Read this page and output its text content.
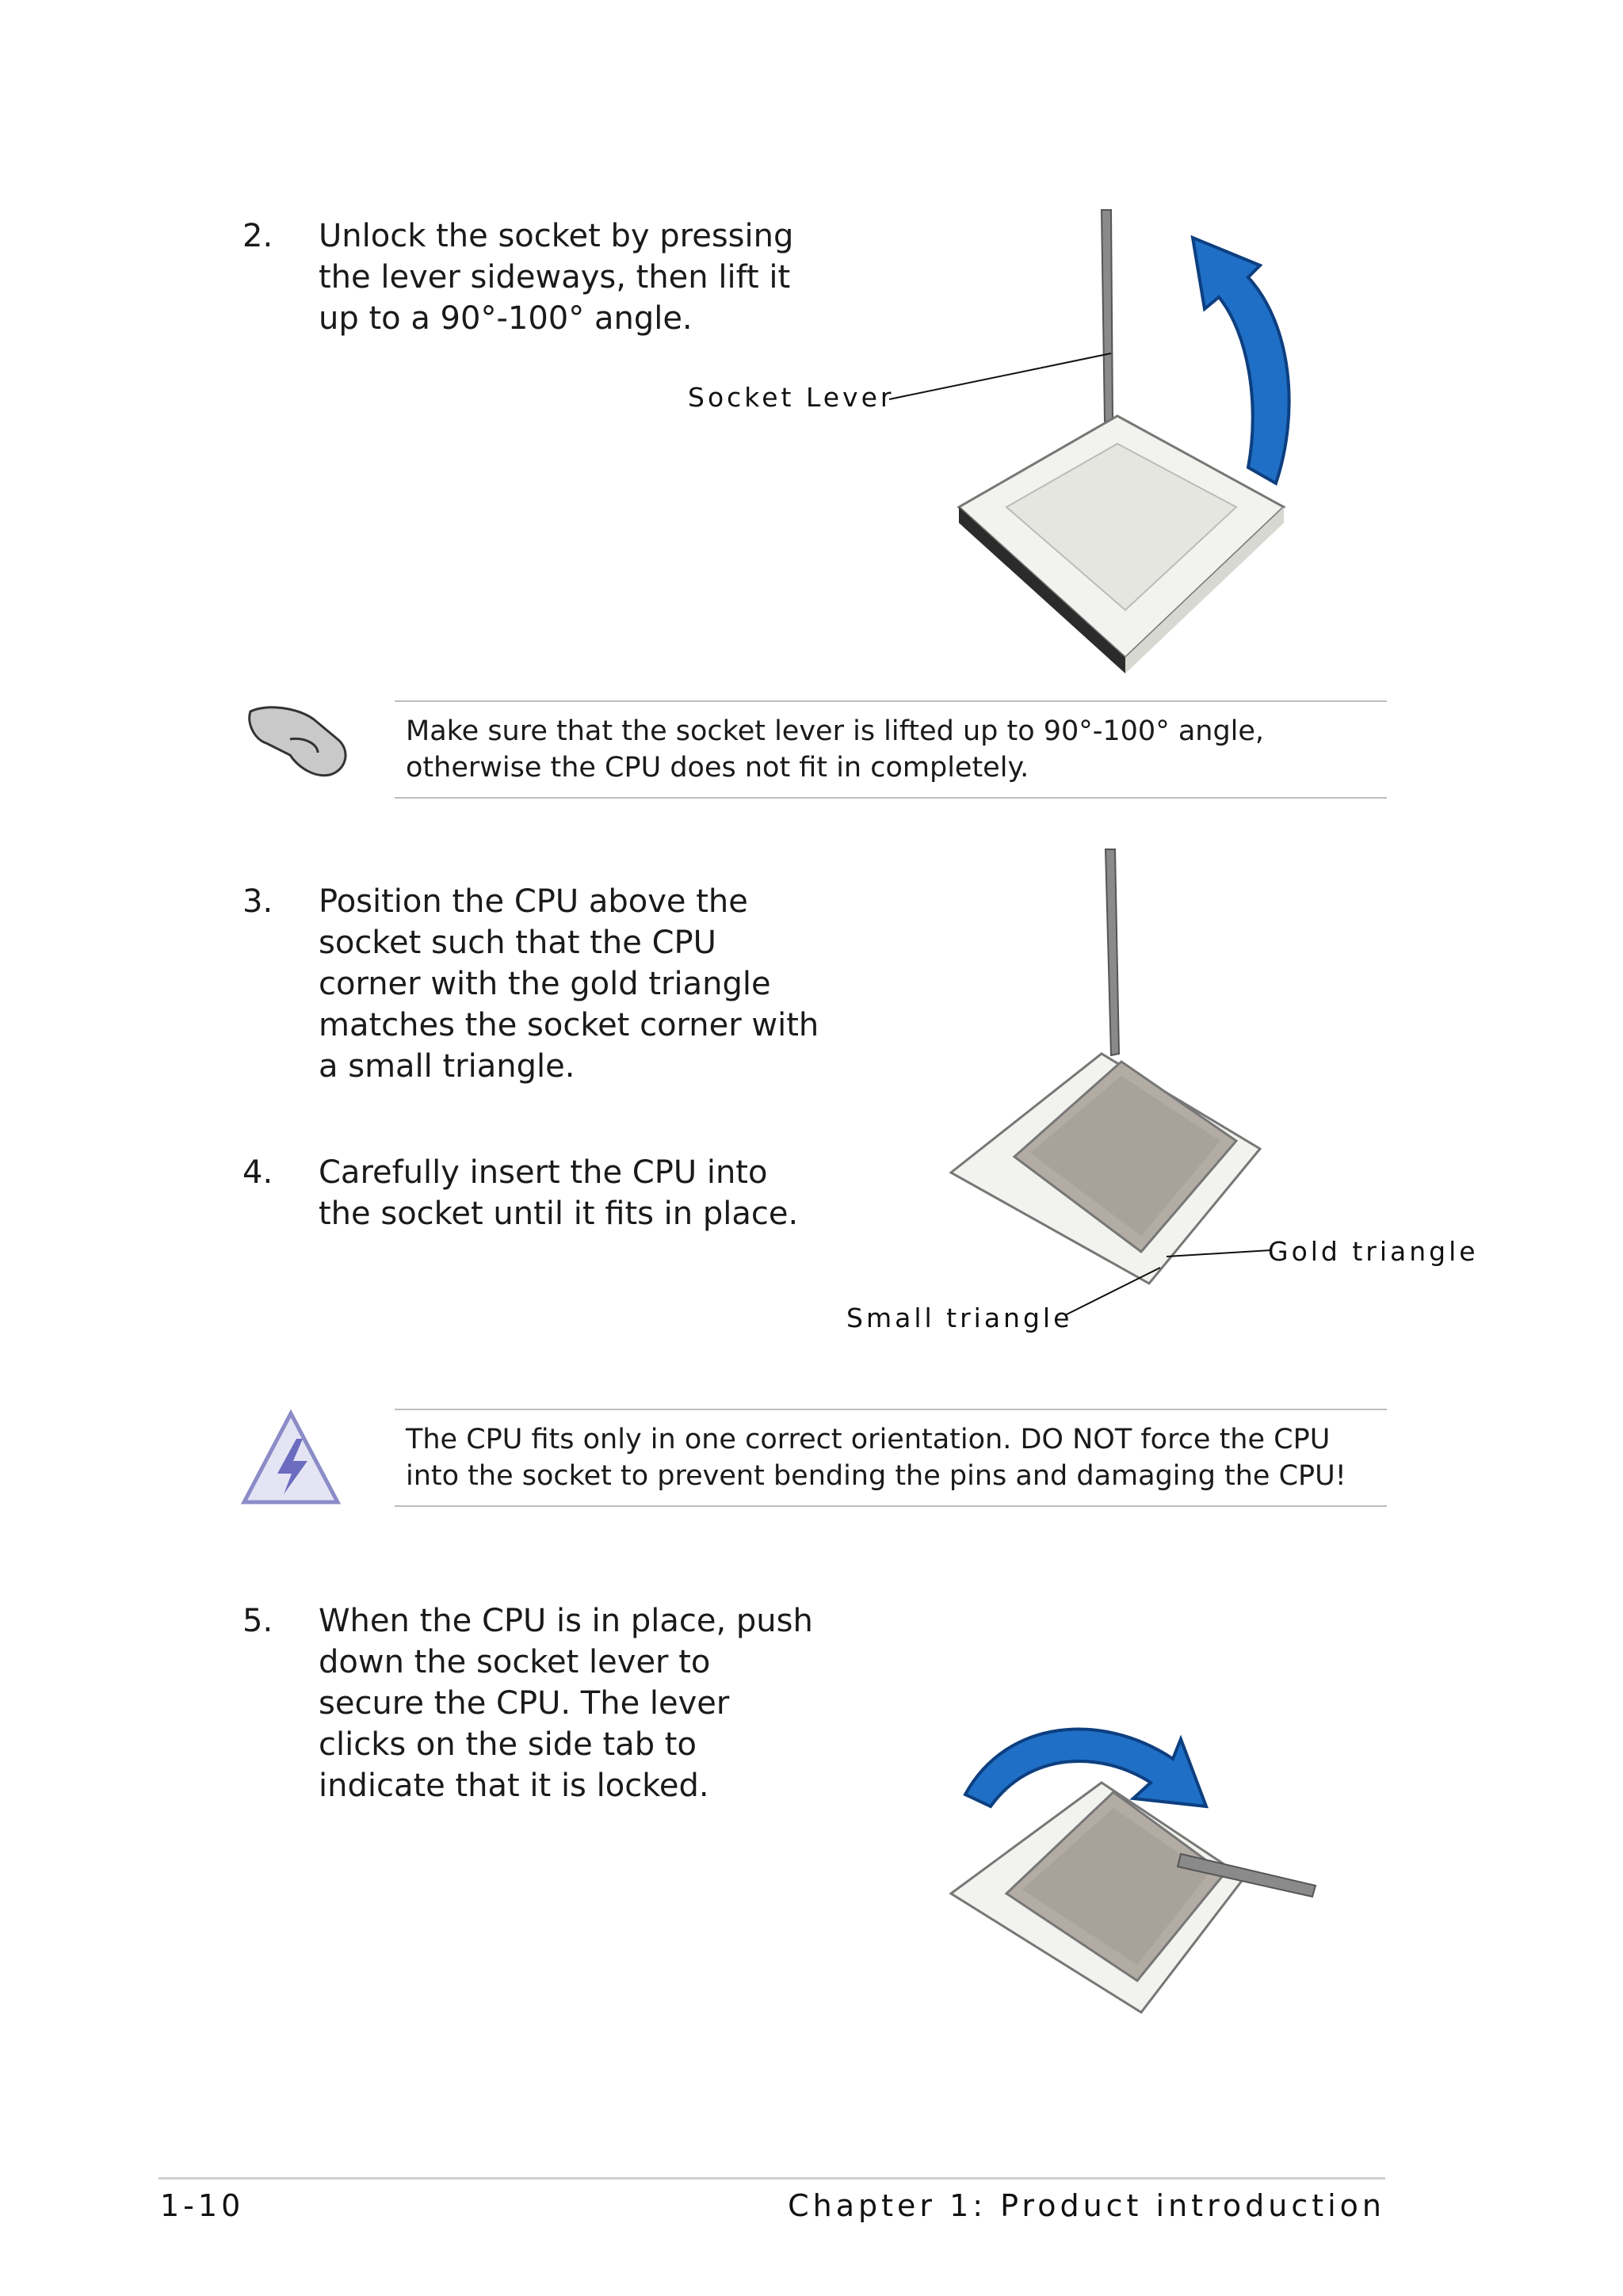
2.	Unlock the socket by pressing the lever sideways, then lift it up to a 90°-100° angle.
Socket Lever
Make sure that the socket lever is lifted up to 90°-100° angle, otherwise the CPU does not fit in completely.
3.	Position the CPU above the socket such that the CPU corner with the gold triangle matches the socket corner with a small triangle.
4.	Carefully insert the CPU into the socket until it fits in place.
Gold triangle
Small triangle
The CPU fits only in one correct orientation. DO NOT force the CPU into the socket to prevent bending the pins and damaging the CPU!
5.	When the CPU is in place, push down the socket lever to secure the CPU. The lever clicks on the side tab to indicate that it is locked.
1-10	Chapter 1: Product introduction
